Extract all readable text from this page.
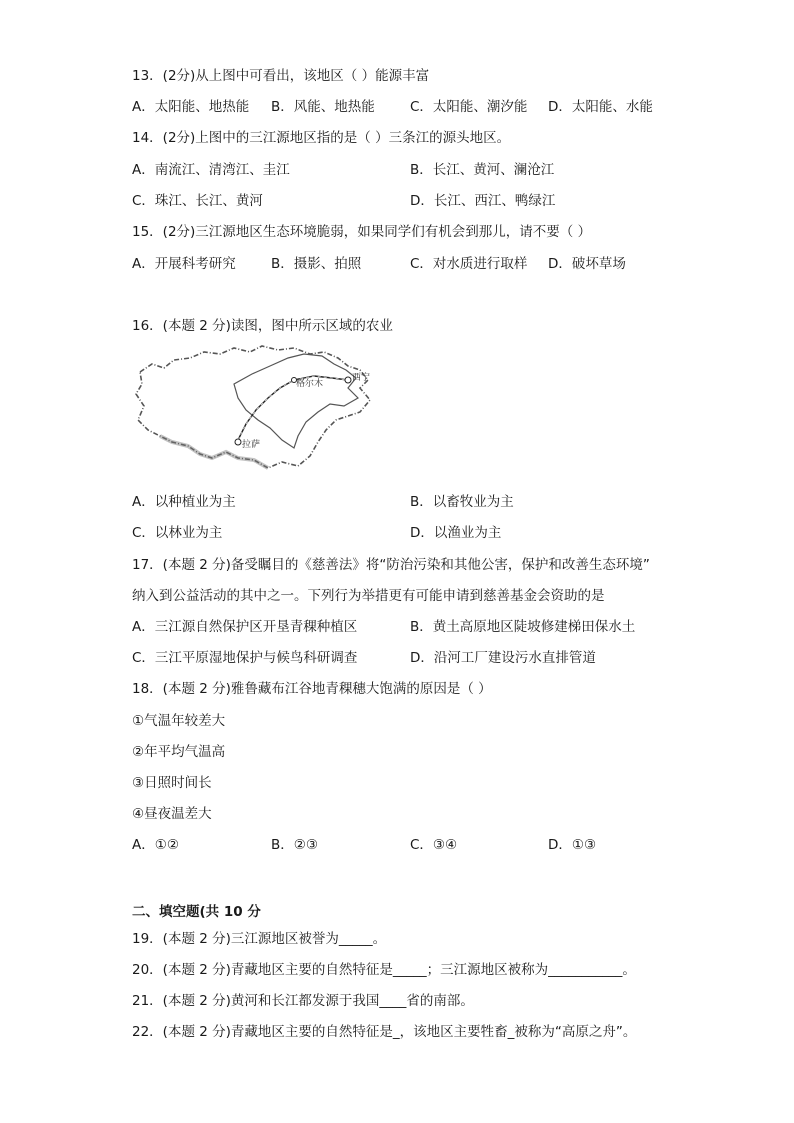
13．(2分)从上图中可看出，该地区（ ）能源丰富
A．太阳能、地热能 B．风能、地热能	C．太阳能、潮汐能 D．太阳能、水能
14．(2分)上图中的三江源地区指的是（ ）三条江的源头地区。
A．南流江、清湾江、圭江	B．长江、黄河、澜沧江
C．珠江、长江、黄河	D．长江、西江、鸭绿江
15．(2分)三江源地区生态环境脆弱，如果同学们有机会到那儿，请不要（ ）
A．开展科考研究	B．摄影、拍照	C．对水质进行取样 D．破坏草场
16．(本题 2 分)读图，图中所示区域的农业
格尔木
西宁
拉萨
A．以种植业为主	B．以畜牧业为主
C．以林业为主	D．以渔业为主
17．(本题 2 分)备受瞩目的《慈善法》将“防治污染和其他公害，保护和改善生态环境”
纳入到公益活动的其中之一。下列行为举措更有可能申请到慈善基金会资助的是
A．三江源自然保护区开垦青稞种植区	B．黄土高原地区陡坡修建梯田保水土
C．三江平原湿地保护与候鸟科研调查	D．沿河工厂建设污水直排管道
18．(本题 2 分)雅鲁藏布江谷地青稞穗大饱满的原因是（ ）
①气温年较差大
②年平均气温高
③日照时间长
④昼夜温差大
A．①②	B．②③	C．③④	D．①③
二、填空题(共 10 分
19．(本题 2 分)三江源地区被誉为_____。
20．(本题 2 分)青藏地区主要的自然特征是_____；三江源地区被称为___________。
21．(本题 2 分)黄河和长江都发源于我国____省的南部。
22．(本题 2 分)青藏地区主要的自然特征是_，该地区主要牲畜_被称为“高原之舟”。
